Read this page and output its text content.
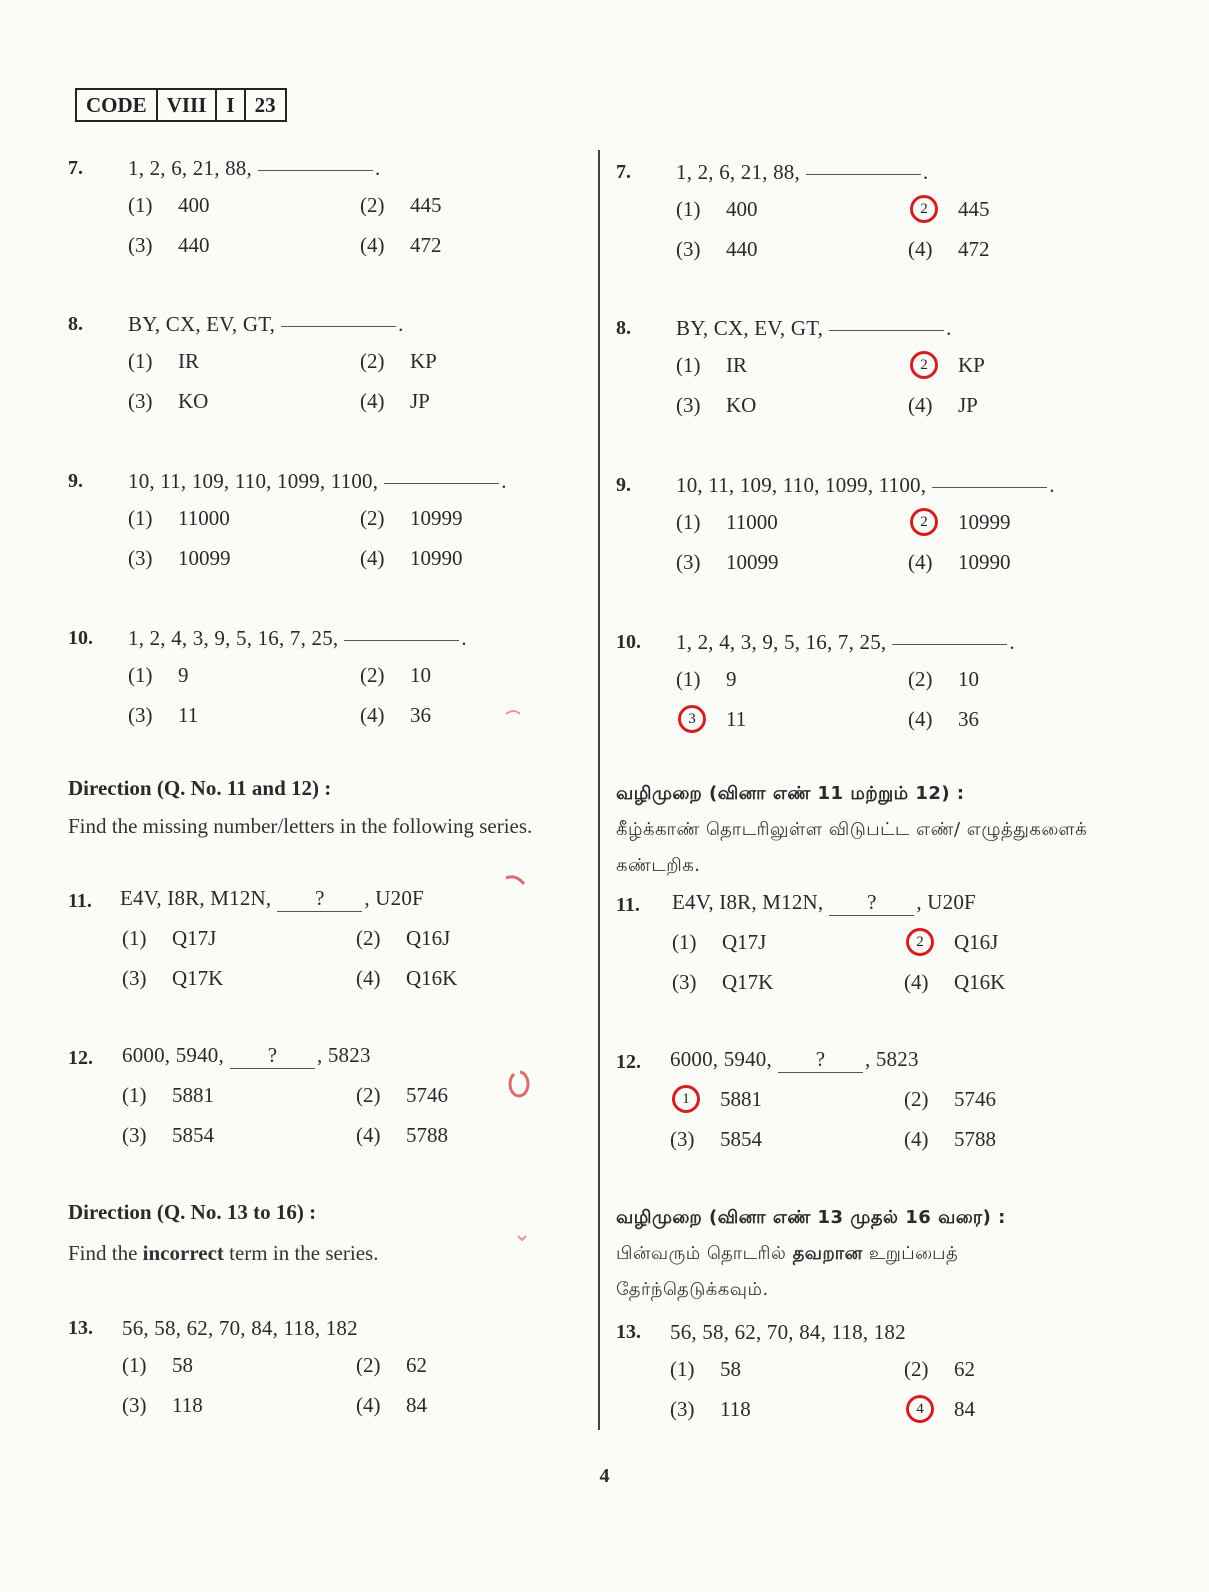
CODE VIII I 23
7. 1, 2, 6, 21, 88,	.
(1)	400	(2)	445
(3)	440	(4)	472
8. BY, CX, EV, GT,	.
(1)	IR	(2)	KP
(3)	KO	(4)	JP
9. 10, 11, 109, 110, 1099, 1100,	.
(1)	11000	(2)	10999
(3)	10099	(4)	10990
10. 1, 2, 4, 3, 9, 5, 16, 7, 25,	.
(1)	9	(2)	10
(3)	11	(4)	36
Direction (Q. No. 11 and 12) :
Find the missing number/letters in the following series.
11. E4V, I8R, M12N, ? , U20F
(1)	Q17J	(2)	Q16J
(3)	Q17K	(4)	Q16K
12. 6000, 5940, ? , 5823
(1)	5881	(2)	5746
(3)	5854	(4)	5788
Direction (Q. No. 13 to 16) :
Find the incorrect term in the series.
13. 56, 58, 62, 70, 84, 118, 182
(1)	58	(2)	62
(3)	118	(4)	84
7. 1, 2, 6, 21, 88,	.
(1)	400	2	445
(3)	440	(4)	472
8. BY, CX, EV, GT,	.
(1)	IR	2	KP
(3)	KO	(4)	JP
9. 10, 11, 109, 110, 1099, 1100,	.
(1)	11000	2	10999
(3)	10099	(4)	10990
10. 1, 2, 4, 3, 9, 5, 16, 7, 25,	.
(1)	9	(2)	10
3	11	(4)	36
வழிமுறை (வினா எண் 11 மற்றும் 12) :
கீழ்க்காண் தொடரிலுள்ள விடுபட்ட எண்/ எழுத்துகளைக் கண்டறிக.
11. E4V, I8R, M12N, ? , U20F
(1)	Q17J	2	Q16J
(3)	Q17K	(4)	Q16K
12. 6000, 5940, ? , 5823
1	5881	(2)	5746
(3)	5854	(4)	5788
வழிமுறை (வினா எண் 13 முதல் 16 வரை) :
பின்வரும் தொடரில் தவறான உறுப்பைத் தேர்ந்தெடுக்கவும்.
13. 56, 58, 62, 70, 84, 118, 182
(1)	58	(2)	62
(3)	118	4	84
4
